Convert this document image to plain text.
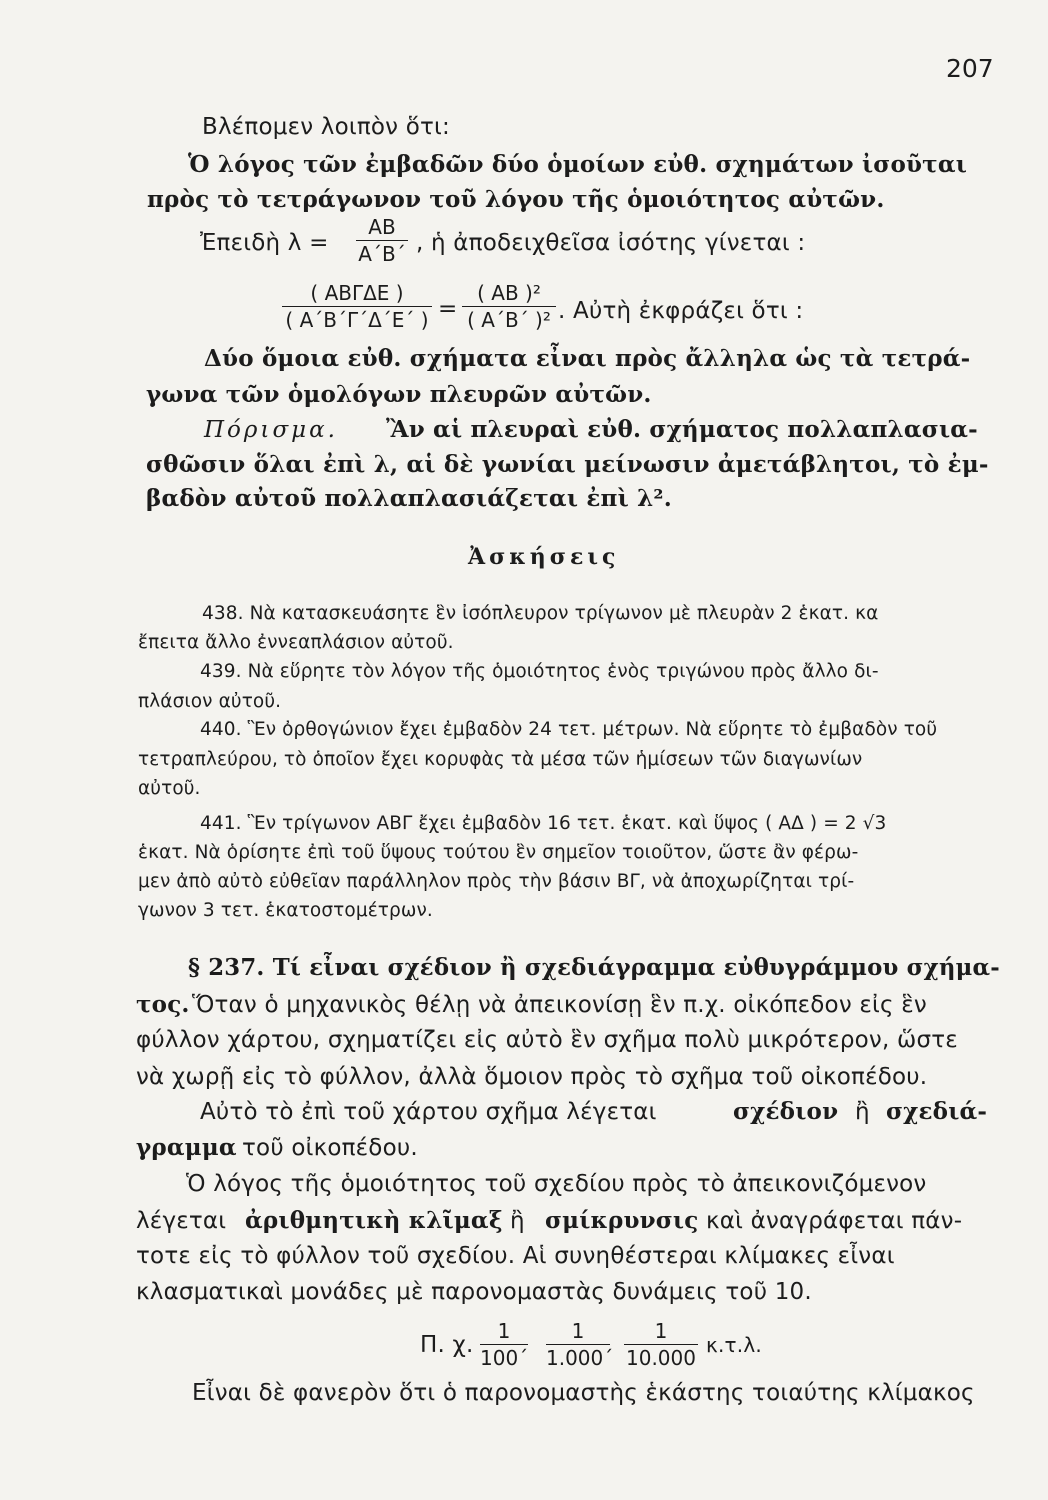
207
Βλέπομεν λοιπὸν ὅτι:
Ὁ λόγος τῶν ἐμβαδῶν δύο ὁμοίων εὐθ. σχημάτων ἰσοῦται
πρὸς τὸ τετράγωνον τοῦ λόγου τῆς ὁμοιότητος αὐτῶν.
Ἐπειδὴ λ =
ΑΒ
Α΄Β΄ , ἡ ἀποδειχθεῖσα ἰσότης γίνεται :
( ΑΒΓΔΕ )
( Α΄Β΄Γ΄Δ΄Ε΄ ) =
( ΑΒ )²
( Α΄Β΄ )² . Αὐτὴ ἐκφράζει ὅτι :
Δύο ὅμοια εὐθ. σχήματα εἶναι πρὸς ἄλληλα ὡς τὰ τετρά-
γωνα τῶν ὁμολόγων πλευρῶν αὐτῶν.
Πόρισμα. Ἂν αἱ πλευραὶ εὐθ. σχήματος πολλαπλασια-
σθῶσιν ὅλαι ἐπὶ λ, αἱ δὲ γωνίαι μείνωσιν ἀμετάβλητοι, τὸ ἐμ-
βαδὸν αὐτοῦ πολλαπλασιάζεται ἐπὶ λ².
Ἀσκήσεις
438. Νὰ κατασκευάσητε ἓν ἰσόπλευρον τρίγωνον μὲ πλευρὰν 2 ἑκατ. κα
ἔπειτα ἄλλο ἐννεαπλάσιον αὐτοῦ.
439. Νὰ εὕρητε τὸν λόγον τῆς ὁμοιότητος ἑνὸς τριγώνου πρὸς ἄλλο δι-
πλάσιον αὐτοῦ.
440. Ἓν ὀρθογώνιον ἔχει ἐμβαδὸν 24 τετ. μέτρων. Νὰ εὕρητε τὸ ἐμβαδὸν τοῦ
τετραπλεύρου, τὸ ὁποῖον ἔχει κορυφὰς τὰ μέσα τῶν ἡμίσεων τῶν διαγωνίων
αὐτοῦ.
441. Ἓν τρίγωνον ΑΒΓ ἔχει ἐμβαδὸν 16 τετ. ἑκατ. καὶ ὕψος ( ΑΔ ) = 2 √3
ἑκατ. Νὰ ὁρίσητε ἐπὶ τοῦ ὕψους τούτου ἓν σημεῖον τοιοῦτον, ὥστε ἂν φέρω-
μεν ἀπὸ αὐτὸ εὐθεῖαν παράλληλον πρὸς τὴν βάσιν ΒΓ, νὰ ἀποχωρίζηται τρί-
γωνον 3 τετ. ἑκατοστομέτρων.
§ 237. Τί εἶναι σχέδιον ἢ σχεδιάγραμμα εὐθυγράμμου σχήμα-
τος. Ὅταν ὁ μηχανικὸς θέλῃ νὰ ἀπεικονίσῃ ἓν π.χ. οἰκόπεδον εἰς ἓν
φύλλον χάρτου, σχηματίζει εἰς αὐτὸ ἓν σχῆμα πολὺ μικρότερον, ὥστε
νὰ χωρῇ εἰς τὸ φύλλον, ἀλλὰ ὅμοιον πρὸς τὸ σχῆμα τοῦ οἰκοπέδου.
Αὐτὸ τὸ ἐπὶ τοῦ χάρτου σχῆμα λέγεται	σχέδιον ἢ σχεδιά-
γραμμα τοῦ οἰκοπέδου.
Ὁ λόγος τῆς ὁμοιότητος τοῦ σχεδίου πρὸς τὸ ἀπεικονιζόμενον
λέγεται ἀριθμητικὴ κλῖμαξ ἢ σμίκρυνσις καὶ ἀναγράφεται πάν-
τοτε εἰς τὸ φύλλον τοῦ σχεδίου. Αἱ συνηθέστεραι κλίμακες εἶναι
κλασματικαὶ μονάδες μὲ παρονομαστὰς δυνάμεις τοῦ 10.
Π. χ.
1
100΄
1
1.000΄
1
10.000
κ.τ.λ.
Εἶναι δὲ φανερὸν ὅτι ὁ παρονομαστὴς ἑκάστης τοιαύτης κλίμακος
